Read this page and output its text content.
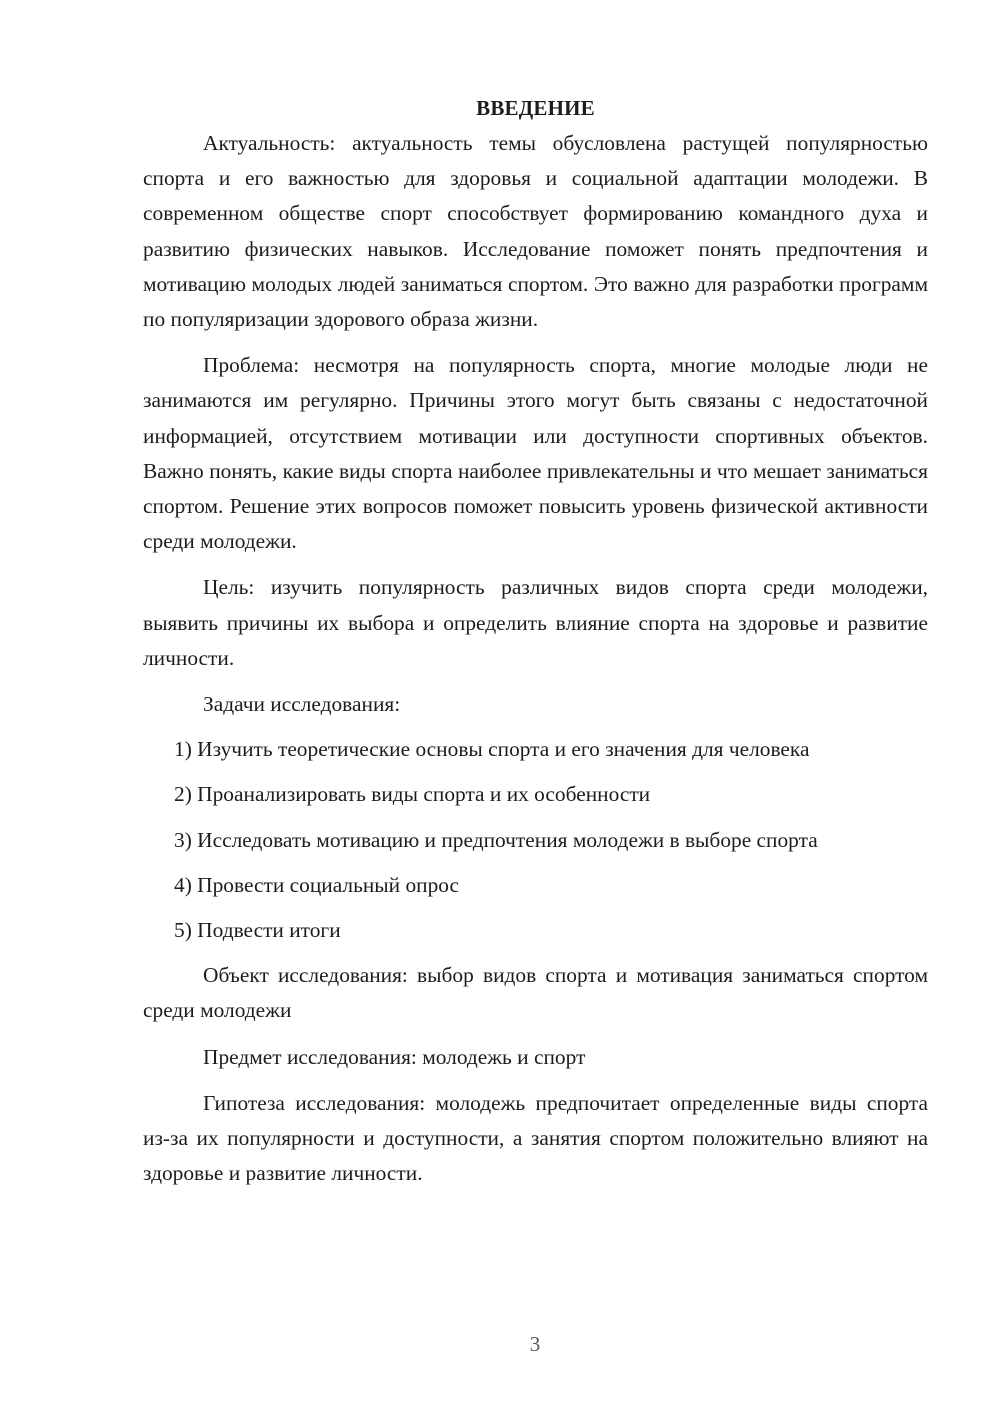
ВВЕДЕНИЕ

Актуальность: актуальность темы обусловлена растущей популярностью спорта и его важностью для здоровья и социальной адаптации молодежи. В современном обществе спорт способствует формированию командного духа и развитию физических навыков. Исследование поможет понять предпочтения и мотивацию молодых людей заниматься спортом. Это важно для разработки программ по популяризации здорового образа жизни.

Проблема: несмотря на популярность спорта, многие молодые люди не занимаются им регулярно. Причины этого могут быть связаны с недостаточной информацией, отсутствием мотивации или доступности спортивных объектов. Важно понять, какие виды спорта наиболее привлекательны и что мешает заниматься спортом. Решение этих вопросов поможет повысить уровень физической активности среди молодежи.

Цель: изучить популярность различных видов спорта среди молодежи, выявить причины их выбора и определить влияние спорта на здоровье и развитие личности.

Задачи исследования:

1) Изучить теоретические основы спорта и его значения для человека

2) Проанализировать виды спорта и их особенности

3) Исследовать мотивацию и предпочтения молодежи в выборе спорта

4) Провести социальный опрос

5) Подвести итоги

Объект исследования: выбор видов спорта и мотивация заниматься спортом среди молодежи

Предмет исследования: молодежь и спорт

Гипотеза исследования: молодежь предпочитает определенные виды спорта из-за их популярности и доступности, а занятия спортом положительно влияют на здоровье и развитие личности.

3
